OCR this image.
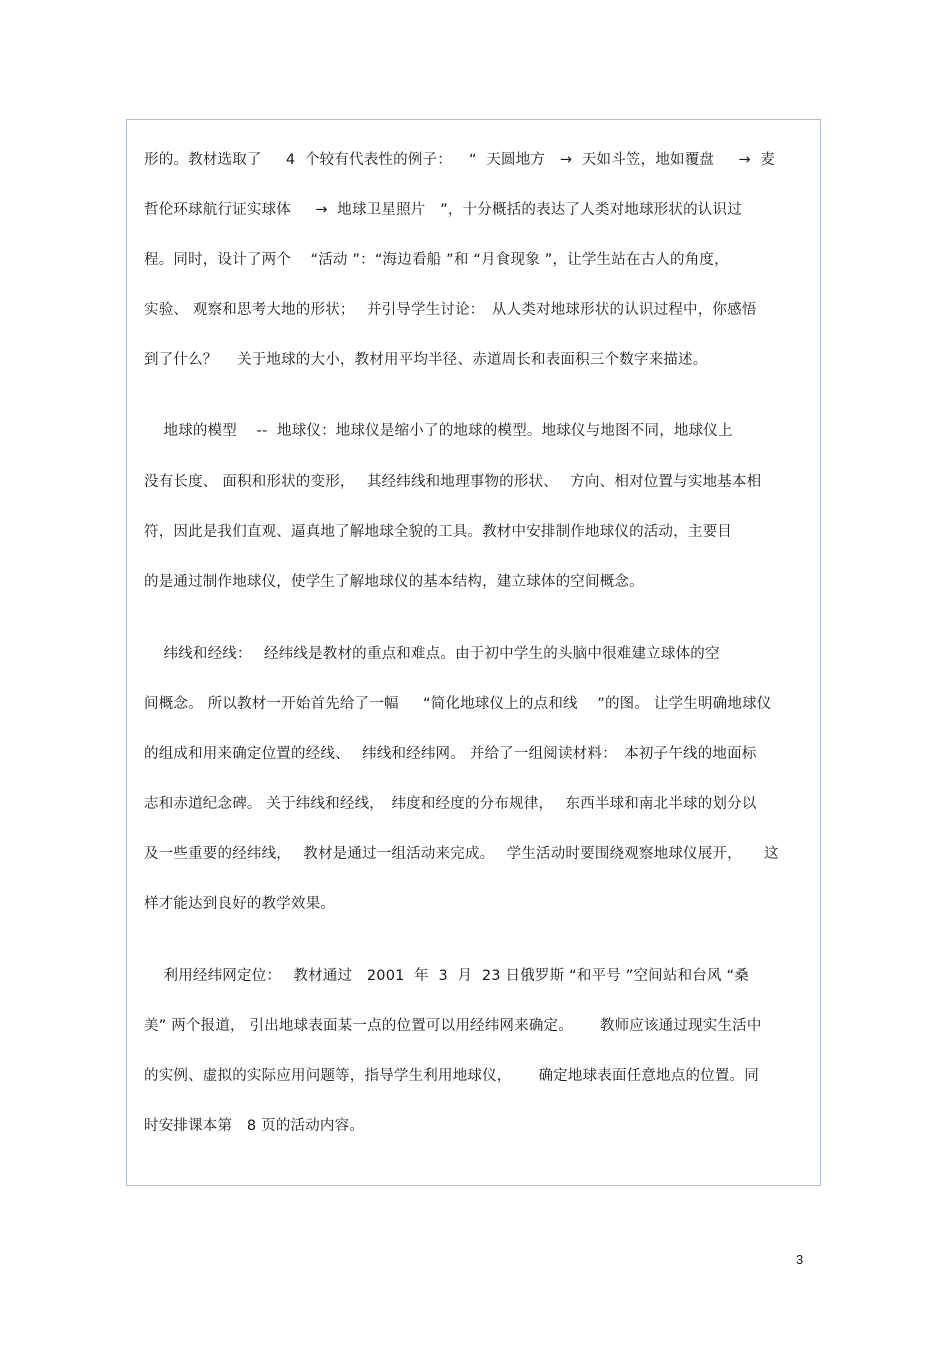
形的。教材选取了　  4  个较有代表性的例子：　  “  天圆地方　→  天如斗笠，地如覆盘　  →  麦
哲伦环球航行证实球体　  →  地球卫星照片　”，十分概括的表达了人类对地球形状的认识过
程。同时，设计了两个　 “活动 ”：“海边看船 ”和 “月食现象 ”，让学生站在古人的角度，
实验、 观察和思考大地的形状；　 并引导学生讨论：　从人类对地球形状的认识过程中，你感悟
到了什么？　 关于地球的大小，教材用平均半径、赤道周长和表面积三个数字来描述。
　 地球的模型　 --  地球仪：地球仪是缩小了的地球的模型。地球仪与地图不同，地球仪上
没有长度、 面积和形状的变形，　 其经纬线和地理事物的形状、　 方向、相对位置与实地基本相
符，因此是我们直观、逼真地了解地球全貌的工具。教材中安排制作地球仪的活动，主要目
的是通过制作地球仪，使学生了解地球仪的基本结构，建立球体的空间概念。
　 纬线和经线：　 经纬线是教材的重点和难点。由于初中学生的头脑中很难建立球体的空
间概念。 所以教材一开始首先给了一幅　  “简化地球仪上的点和线　 ”的图。 让学生明确地球仪
的组成和用来确定位置的经线、　 纬线和经纬网。 并给了一组阅读材料：　本初子午线的地面标
志和赤道纪念碑。 关于纬线和经线，　纬度和经度的分布规律，　 东西半球和南北半球的划分以
及一些重要的经纬线，　 教材是通过一组活动来完成。　 学生活动时要围绕观察地球仪展开，　　这
样才能达到良好的教学效果。
　 利用经纬网定位：　 教材通过　2001  年  3  月  23 日俄罗斯 “和平号 ”空间站和台风 “桑
美” 两个报道， 引出地球表面某一点的位置可以用经纬网来确定。　　 教师应该通过现实生活中
的实例、虚拟的实际应用问题等，指导学生利用地球仪，　　 确定地球表面任意地点的位置。同
时安排课本第　8 页的活动内容。
3
